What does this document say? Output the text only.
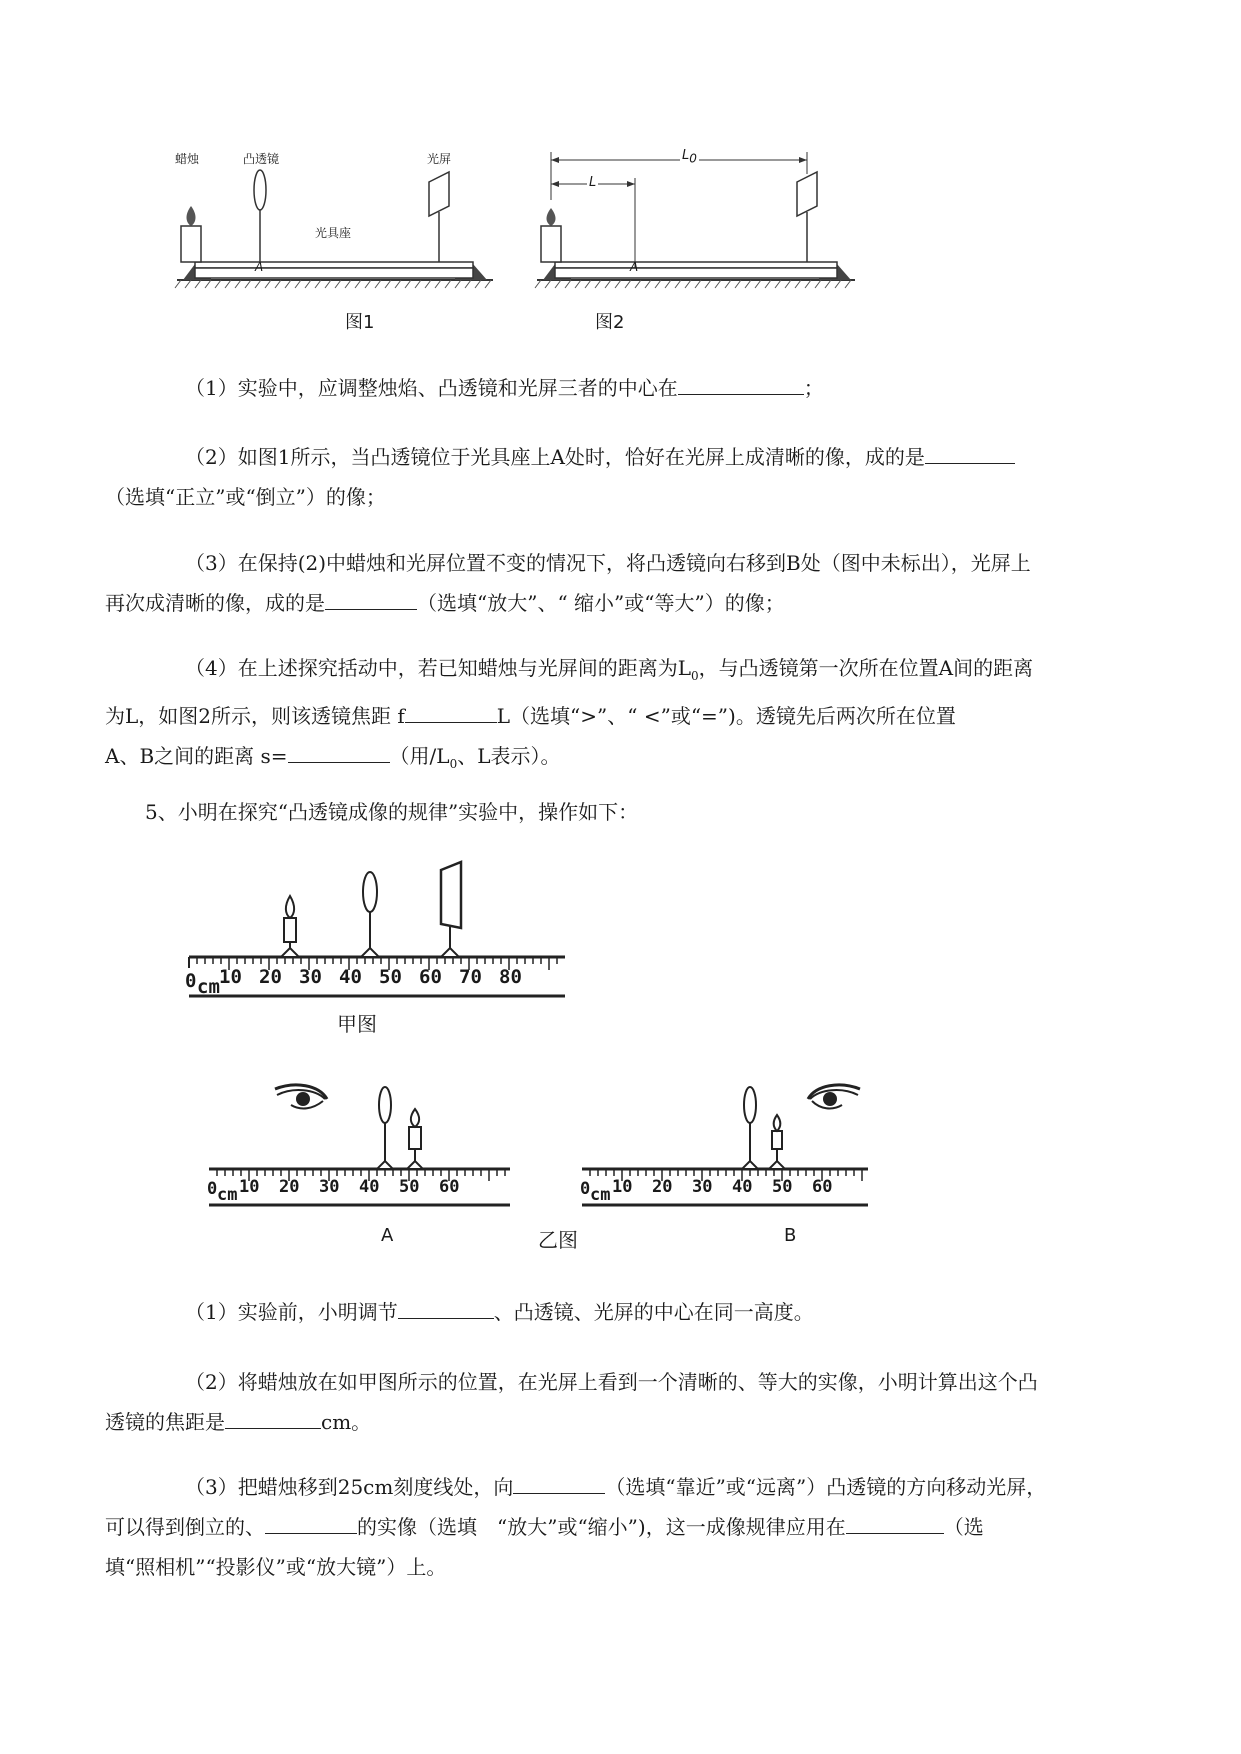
蜡烛	凸透镜	光屏
光具座
A
图1
$L_0$
L
A
图2
（1）实验中，应调整烛焰、凸透镜和光屏三者的中心在	；
（2）如图1所示，当凸透镜位于光具座上A处时，恰好在光屏上成清晰的像，成的是
（选填“正立”或“倒立”）的像；
（3）在保持(2)中蜡烛和光屏位置不变的情况下，将凸透镜向右移到B处（图中未标出），光屏上
再次成清晰的像，成的是	（选填“放大”、“ 缩小”或“等大”）的像；
（4）在上述探究括动中，若已知蜡烛与光屏间的距离为$L_0$，与凸透镜第一次所在位置A间的距离
为L，如图2所示，则该透镜焦距 f	L（选填“>”、“ <”或“=”)。透镜先后两次所在位置
A、B之间的距离 s=	（用$/L_0$、L表示）。
5、小明在探究“凸透镜成像的规律”实验中，操作如下：
0 cm 10 20 30 40 50 60 70 80
甲图
0 cm 10 20 30 40 50 60
A
0 cm 10 20 30 40 50 60
B
乙图
（1）实验前，小明调节	、凸透镜、光屏的中心在同一高度。
（2）将蜡烛放在如甲图所示的位置，在光屏上看到一个清晰的、等大的实像，小明计算出这个凸
透镜的焦距是	cm。
（3）把蜡烛移到25cm刻度线处，向	（选填“靠近”或“远离”）凸透镜的方向移动光屏，
可以得到倒立的、	的实像（选填　“放大”或“缩小”)，这一成像规律应用在	（选
填“照相机”“投影仪”或“放大镜”）上。
